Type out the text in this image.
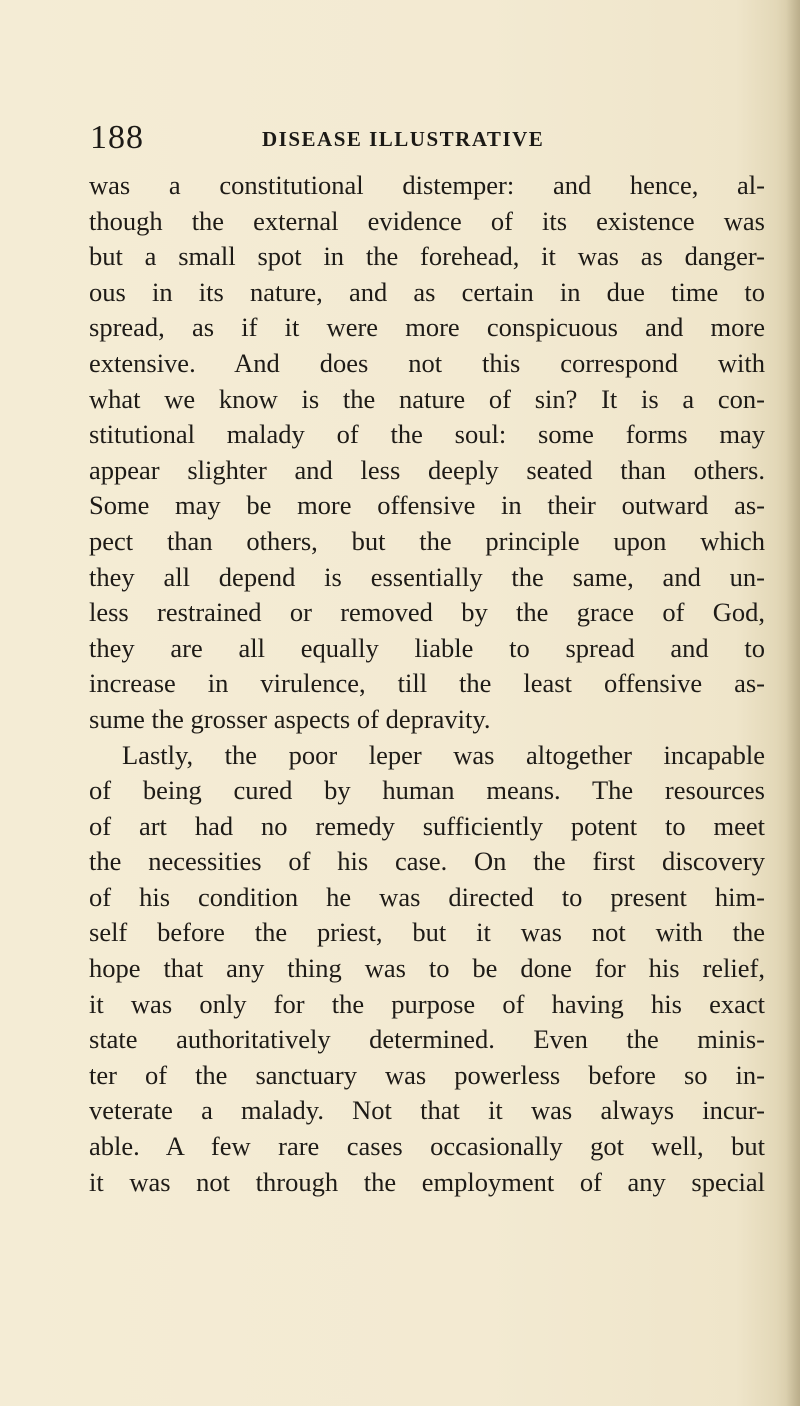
188	DISEASE ILLUSTRATIVE
was a constitutional distemper: and hence, al-
though the external evidence of its existence was
but a small spot in the forehead, it was as danger-
ous in its nature, and as certain in due time to
spread, as if it were more conspicuous and more
extensive. And does not this correspond with
what we know is the nature of sin? It is a con-
stitutional malady of the soul: some forms may
appear slighter and less deeply seated than others.
Some may be more offensive in their outward as-
pect than others, but the principle upon which
they all depend is essentially the same, and un-
less restrained or removed by the grace of God,
they are all equally liable to spread and to
increase in virulence, till the least offensive as-
sume the grosser aspects of depravity.
Lastly, the poor leper was altogether incapable
of being cured by human means. The resources
of art had no remedy sufficiently potent to meet
the necessities of his case. On the first discovery
of his condition he was directed to present him-
self before the priest, but it was not with the
hope that any thing was to be done for his relief,
it was only for the purpose of having his exact
state authoritatively determined. Even the minis-
ter of the sanctuary was powerless before so in-
veterate a malady. Not that it was always incur-
able. A few rare cases occasionally got well, but
it was not through the employment of any special
